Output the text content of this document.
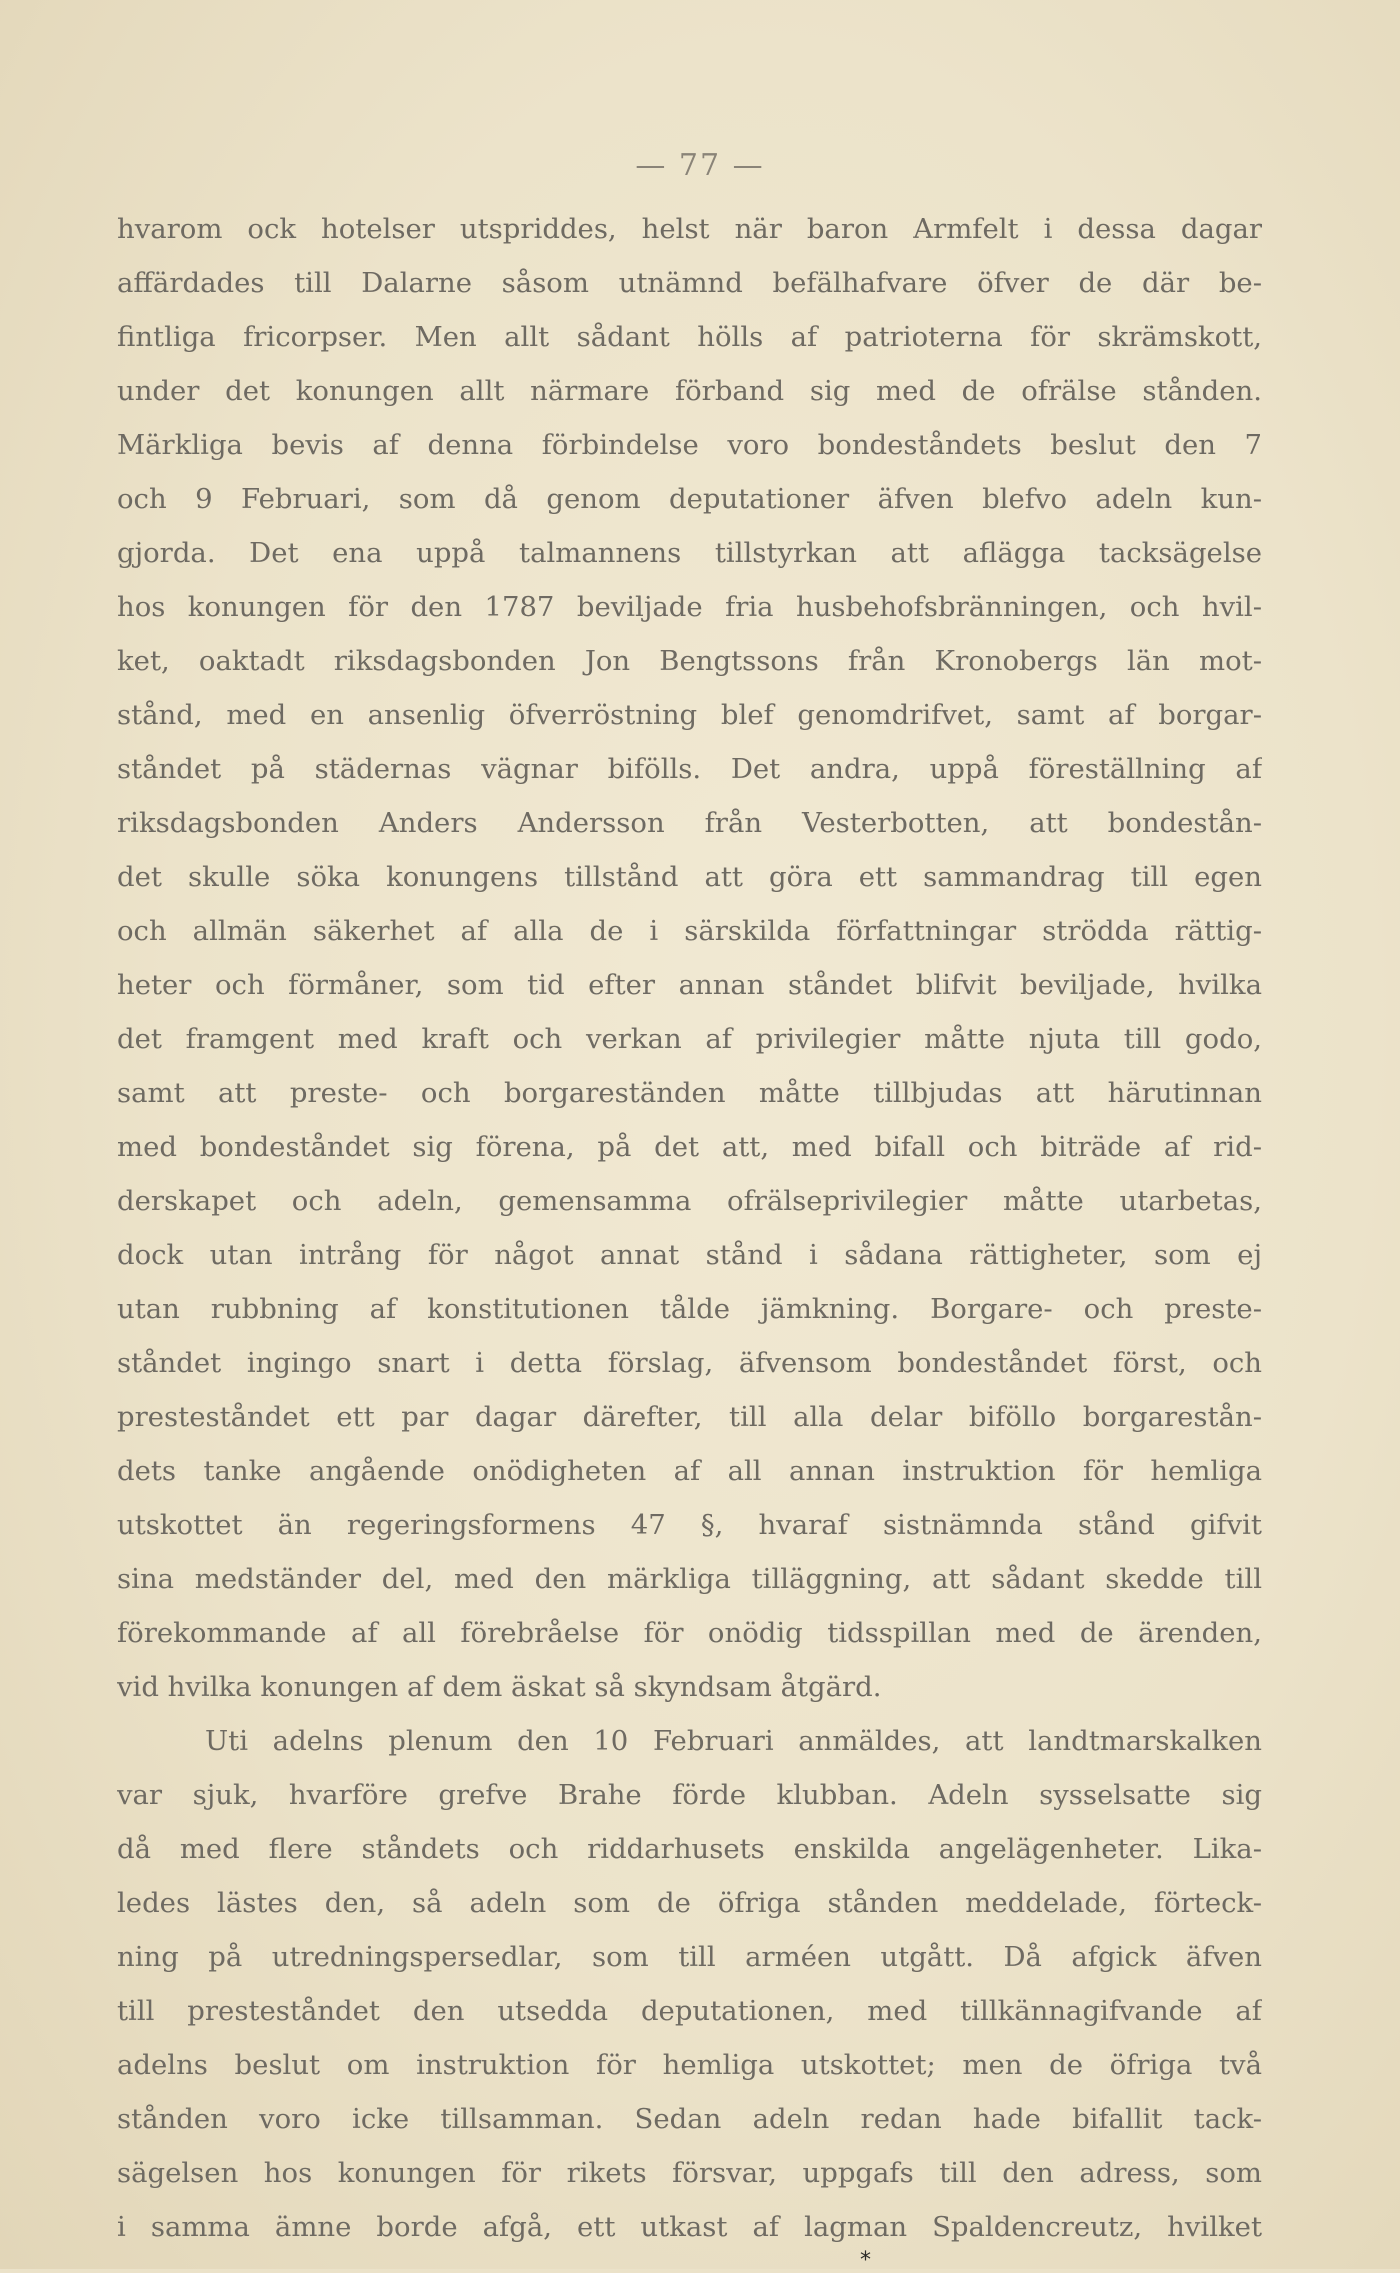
— 77 —
hvarom ock hotelser utspriddes, helst när baron Armfelt i dessa dagar
affärdades till Dalarne såsom utnämnd befälhafvare öfver de där be-
fintliga fricorpser. Men allt sådant hölls af patrioterna för skrämskott,
under det konungen allt närmare förband sig med de ofrälse stånden.
Märkliga bevis af denna förbindelse voro bondeståndets beslut den 7
och 9 Februari, som då genom deputationer äfven blefvo adeln kun-
gjorda. Det ena uppå talmannens tillstyrkan att aflägga tacksägelse
hos konungen för den 1787 beviljade fria husbehofsbränningen, och hvil-
ket, oaktadt riksdagsbonden Jon Bengtssons från Kronobergs län mot-
stånd, med en ansenlig öfverröstning blef genomdrifvet, samt af borgar-
ståndet på städernas vägnar bifölls. Det andra, uppå föreställning af
riksdagsbonden Anders Andersson från Vesterbotten, att bondestån-
det skulle söka konungens tillstånd att göra ett sammandrag till egen
och allmän säkerhet af alla de i särskilda författningar strödda rättig-
heter och förmåner, som tid efter annan ståndet blifvit beviljade, hvilka
det framgent med kraft och verkan af privilegier måtte njuta till godo,
samt att preste- och borgareständen måtte tillbjudas att härutinnan
med bondeståndet sig förena, på det att, med bifall och biträde af rid-
derskapet och adeln, gemensamma ofrälseprivilegier måtte utarbetas,
dock utan intrång för något annat stånd i sådana rättigheter, som ej
utan rubbning af konstitutionen tålde jämkning. Borgare- och preste-
ståndet ingingo snart i detta förslag, äfvensom bondeståndet först, och
presteståndet ett par dagar därefter, till alla delar biföllo borgarestån-
dets tanke angående onödigheten af all annan instruktion för hemliga
utskottet än regeringsformens 47 §, hvaraf sistnämnda stånd gifvit
sina medständer del, med den märkliga tilläggning, att sådant skedde till
förekommande af all förebråelse för onödig tidsspillan med de ärenden,
vid hvilka konungen af dem äskat så skyndsam åtgärd.
Uti adelns plenum den 10 Februari anmäldes, att landtmarskalken
var sjuk, hvarföre grefve Brahe förde klubban. Adeln sysselsatte sig
då med flere ståndets och riddarhusets enskilda angelägenheter. Lika-
ledes lästes den, så adeln som de öfriga stånden meddelade, förteck-
ning på utredningspersedlar, som till arméen utgått. Då afgick äfven
till presteståndet den utsedda deputationen, med tillkännagifvande af
adelns beslut om instruktion för hemliga utskottet; men de öfriga två
stånden voro icke tillsamman. Sedan adeln redan hade bifallit tack-
sägelsen hos konungen för rikets försvar, uppgafs till den adress, som
i samma ämne borde afgå, ett utkast af lagman Spaldencreutz, hvilket
*
